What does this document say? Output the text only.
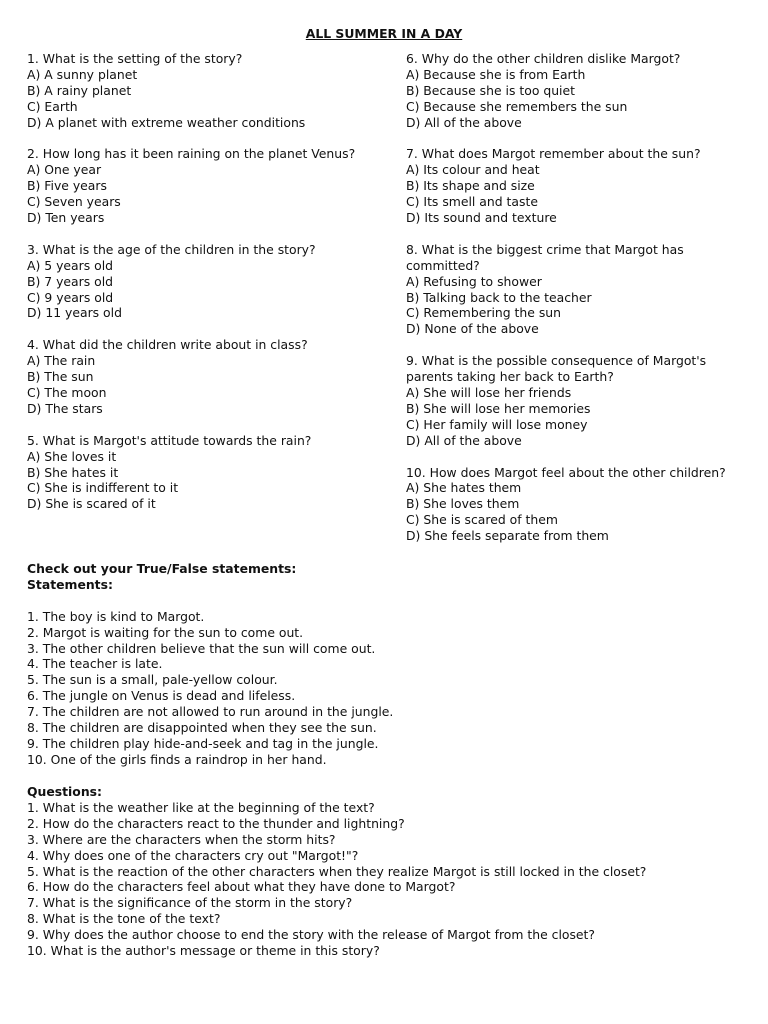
ALL SUMMER IN A DAY
1. What is the setting of the story?
A) A sunny planet
B) A rainy planet
C) Earth
D) A planet with extreme weather conditions
2. How long has it been raining on the planet Venus?
A) One year
B) Five years
C) Seven years
D) Ten years
3. What is the age of the children in the story?
A) 5 years old
B) 7 years old
C) 9 years old
D) 11 years old
4. What did the children write about in class?
A) The rain
B) The sun
C) The moon
D) The stars
5. What is Margot's attitude towards the rain?
A) She loves it
B) She hates it
C) She is indifferent to it
D) She is scared of it
6. Why do the other children dislike Margot?
A) Because she is from Earth
B) Because she is too quiet
C) Because she remembers the sun
D) All of the above
7. What does Margot remember about the sun?
A) Its colour and heat
B) Its shape and size
C) Its smell and taste
D) Its sound and texture
8. What is the biggest crime that Margot has committed?
A) Refusing to shower
B) Talking back to the teacher
C) Remembering the sun
D) None of the above
9. What is the possible consequence of Margot's parents taking her back to Earth?
A) She will lose her friends
B) She will lose her memories
C) Her family will lose money
D) All of the above
10. How does Margot feel about the other children?
A) She hates them
B) She loves them
C) She is scared of them
D) She feels separate from them
Check out your True/False statements:
Statements:
1. The boy is kind to Margot.
2. Margot is waiting for the sun to come out.
3. The other children believe that the sun will come out.
4. The teacher is late.
5. The sun is a small, pale-yellow colour.
6. The jungle on Venus is dead and lifeless.
7. The children are not allowed to run around in the jungle.
8. The children are disappointed when they see the sun.
9. The children play hide-and-seek and tag in the jungle.
10. One of the girls finds a raindrop in her hand.
Questions:
1. What is the weather like at the beginning of the text?
2. How do the characters react to the thunder and lightning?
3. Where are the characters when the storm hits?
4. Why does one of the characters cry out "Margot!"?
5. What is the reaction of the other characters when they realize Margot is still locked in the closet?
6. How do the characters feel about what they have done to Margot?
7. What is the significance of the storm in the story?
8. What is the tone of the text?
9. Why does the author choose to end the story with the release of Margot from the closet?
10. What is the author's message or theme in this story?
